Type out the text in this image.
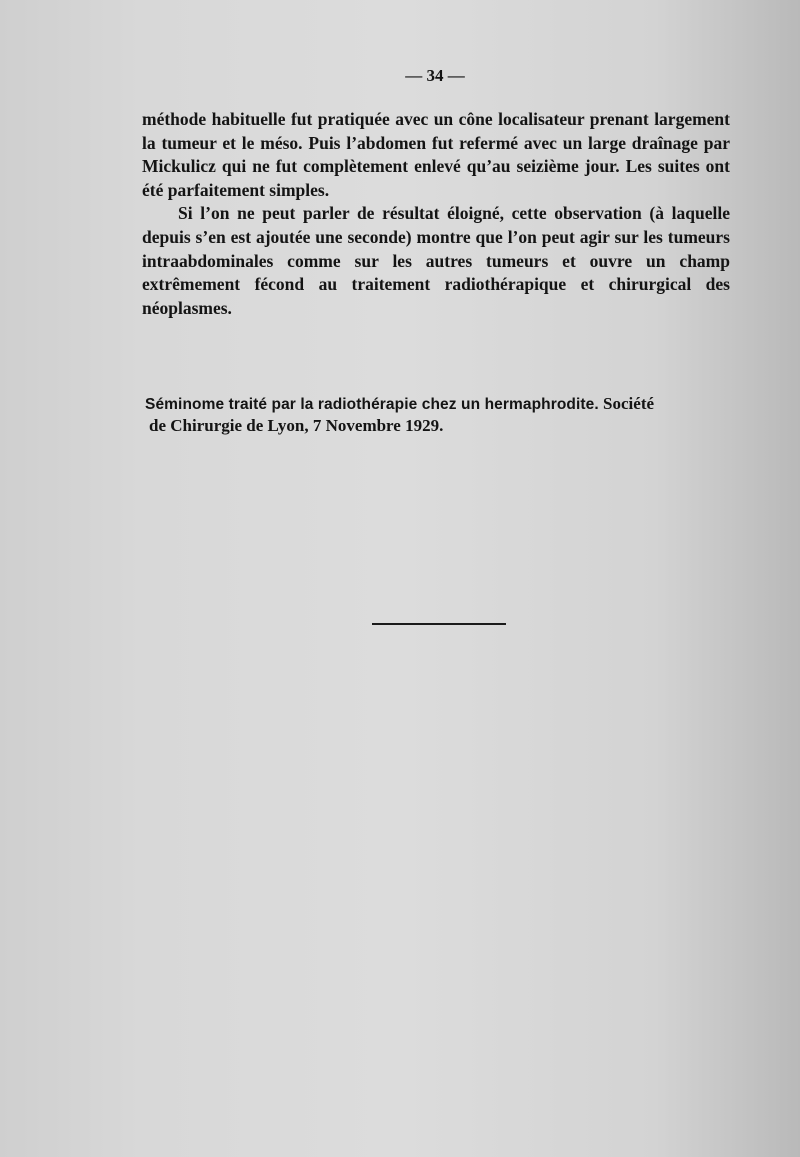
— 34 —

méthode habituelle fut pratiquée avec un cône localisateur prenant largement la tumeur et le méso. Puis l’abdomen fut refermé avec un large draînage par Mickulicz qui ne fut complètement enlevé qu’au seizième jour. Les suites ont été parfaitement simples.

Si l’on ne peut parler de résultat éloigné, cette observation (à laquelle depuis s’en est ajoutée une seconde) montre que l’on peut agir sur les tumeurs intraabdominales comme sur les autres tumeurs et ouvre un champ extrêmement fécond au traitement radiothérapique et chirurgical des néoplasmes.

Séminome traité par la radiothérapie chez un hermaphrodite. Société
de Chirurgie de Lyon, 7 Novembre 1929.
